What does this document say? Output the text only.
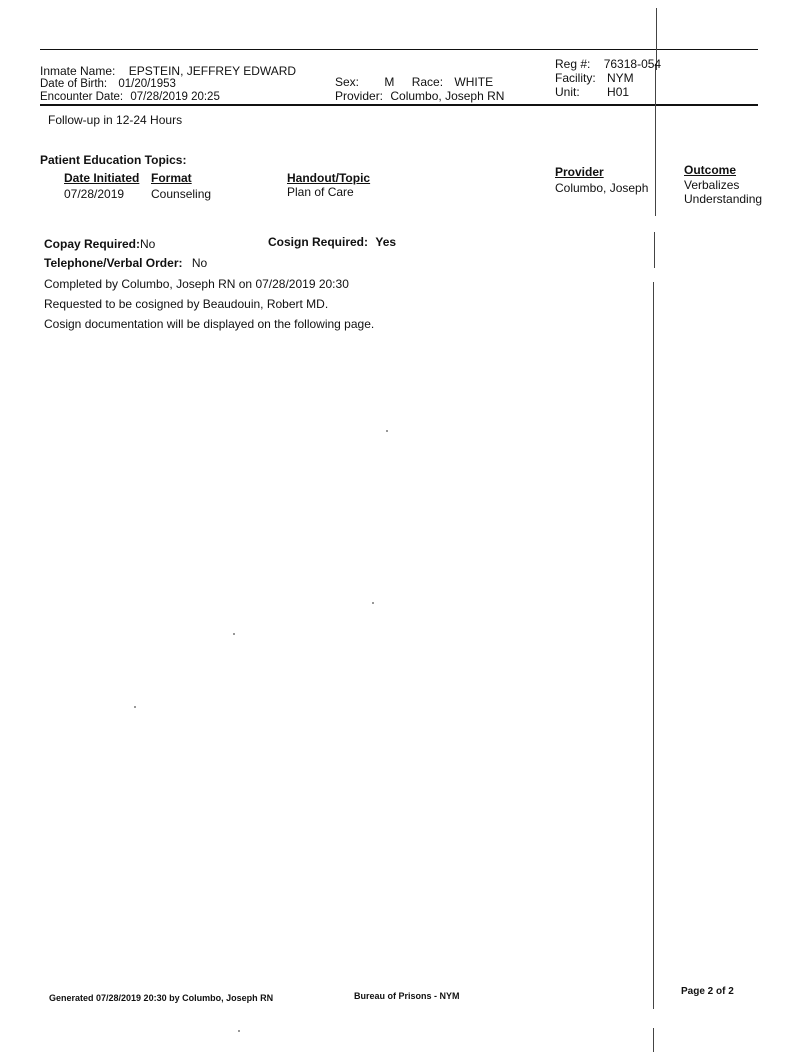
Inmate Name: EPSTEIN, JEFFREY EDWARD
Date of Birth: 01/20/1953
Encounter Date: 07/28/2019 20:25
Sex: M Race: WHITE
Provider: Columbo, Joseph RN
Reg #: 76318-054
Facility: NYM
Unit: H01
Follow-up in 12-24 Hours
Patient Education Topics:
Date Initiated Format	Handout/Topic	Provider	Outcome
07/28/2019 Counseling	Plan of Care	Columbo, Joseph	Verbalizes
Understanding
Copay Required:No	Cosign Required: Yes
Telephone/Verbal Order: No
Completed by Columbo, Joseph RN on 07/28/2019 20:30
Requested to be cosigned by Beaudouin, Robert MD.
Cosign documentation will be displayed on the following page.
Generated 07/28/2019 20:30 by Columbo, Joseph RN	Bureau of Prisons - NYM	Page 2 of 2
